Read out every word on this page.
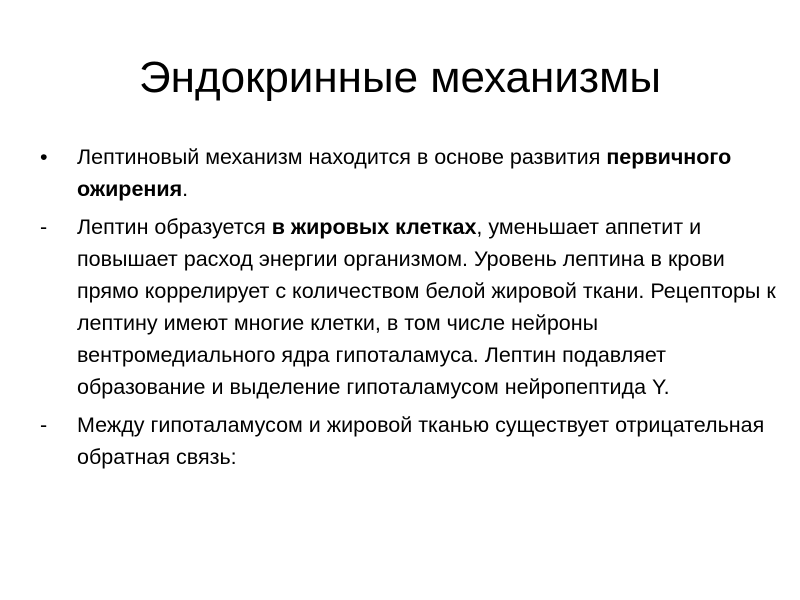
Эндокринные механизмы
•	Лептиновый механизм находится в основе развития первичного ожирения.
-	Лептин образуется в жировых клетках, уменьшает аппетит и повышает расход энергии организмом. Уровень лептина в крови прямо коррелирует с количеством белой жировой ткани. Рецепторы к лептину имеют многие клетки, в том числе нейроны вентромедиального ядра гипоталамуса. Лептин подавляет образование и выделение гипоталамусом нейропептида Y.
-	Между гипоталамусом и жировой тканью существует отрицательная обратная связь:
